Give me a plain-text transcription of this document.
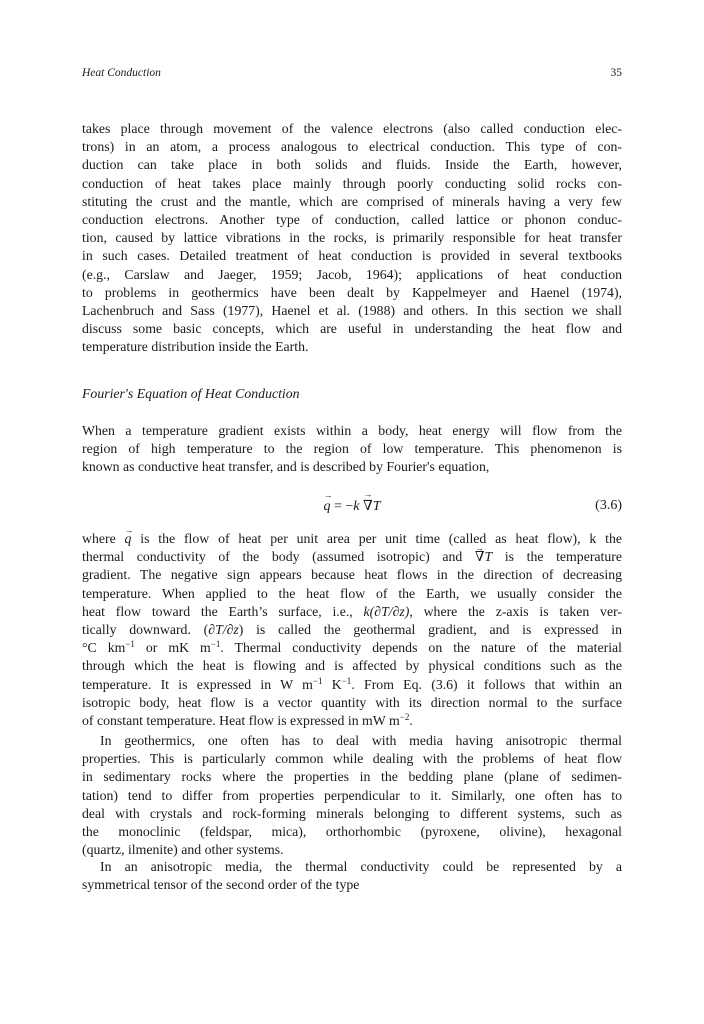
Heat Conduction	35
takes place through movement of the valence electrons (also called conduction elec-
trons) in an atom, a process analogous to electrical conduction. This type of con-
duction can take place in both solids and fluids. Inside the Earth, however,
conduction of heat takes place mainly through poorly conducting solid rocks con-
stituting the crust and the mantle, which are comprised of minerals having a very few
conduction electrons. Another type of conduction, called lattice or phonon conduc-
tion, caused by lattice vibrations in the rocks, is primarily responsible for heat transfer
in such cases. Detailed treatment of heat conduction is provided in several textbooks
(e.g., Carslaw and Jaeger, 1959; Jacob, 1964); applications of heat conduction
to problems in geothermics have been dealt by Kappelmeyer and Haenel (1974),
Lachenbruch and Sass (1977), Haenel et al. (1988) and others. In this section we shall
discuss some basic concepts, which are useful in understanding the heat flow and
temperature distribution inside the Earth.
Fourier's Equation of Heat Conduction
When a temperature gradient exists within a body, heat energy will flow from the
region of high temperature to the region of low temperature. This phenomenon is
known as conductive heat transfer, and is described by Fourier's equation,
→ q = −k → ∇T	(3.6)
where → q is the flow of heat per unit area per unit time (called as heat flow), k the
thermal conductivity of the body (assumed isotropic) and → ∇T is the temperature
gradient. The negative sign appears because heat flows in the direction of decreasing
temperature. When applied to the heat flow of the Earth, we usually consider the
heat flow toward the Earth’s surface, i.e., k(∂T/∂z), where the z-axis is taken ver-
tically downward. (∂T/∂z) is called the geothermal gradient, and is expressed in
°C $km^{-1}$ or mK $m^{-1}$. Thermal conductivity depends on the nature of the material
through which the heat is flowing and is affected by physical conditions such as the
temperature. It is expressed in W $m^{-1}$ $K^{-1}$. From Eq. (3.6) it follows that within an
isotropic body, heat flow is a vector quantity with its direction normal to the surface
of constant temperature. Heat flow is expressed in mW $m^{-2}$.
In geothermics, one often has to deal with media having anisotropic thermal
properties. This is particularly common while dealing with the problems of heat flow
in sedimentary rocks where the properties in the bedding plane (plane of sedimen-
tation) tend to differ from properties perpendicular to it. Similarly, one often has to
deal with crystals and rock-forming minerals belonging to different systems, such as
the monoclinic (feldspar, mica), orthorhombic (pyroxene, olivine), hexagonal
(quartz, ilmenite) and other systems.
In an anisotropic media, the thermal conductivity could be represented by a
symmetrical tensor of the second order of the type
